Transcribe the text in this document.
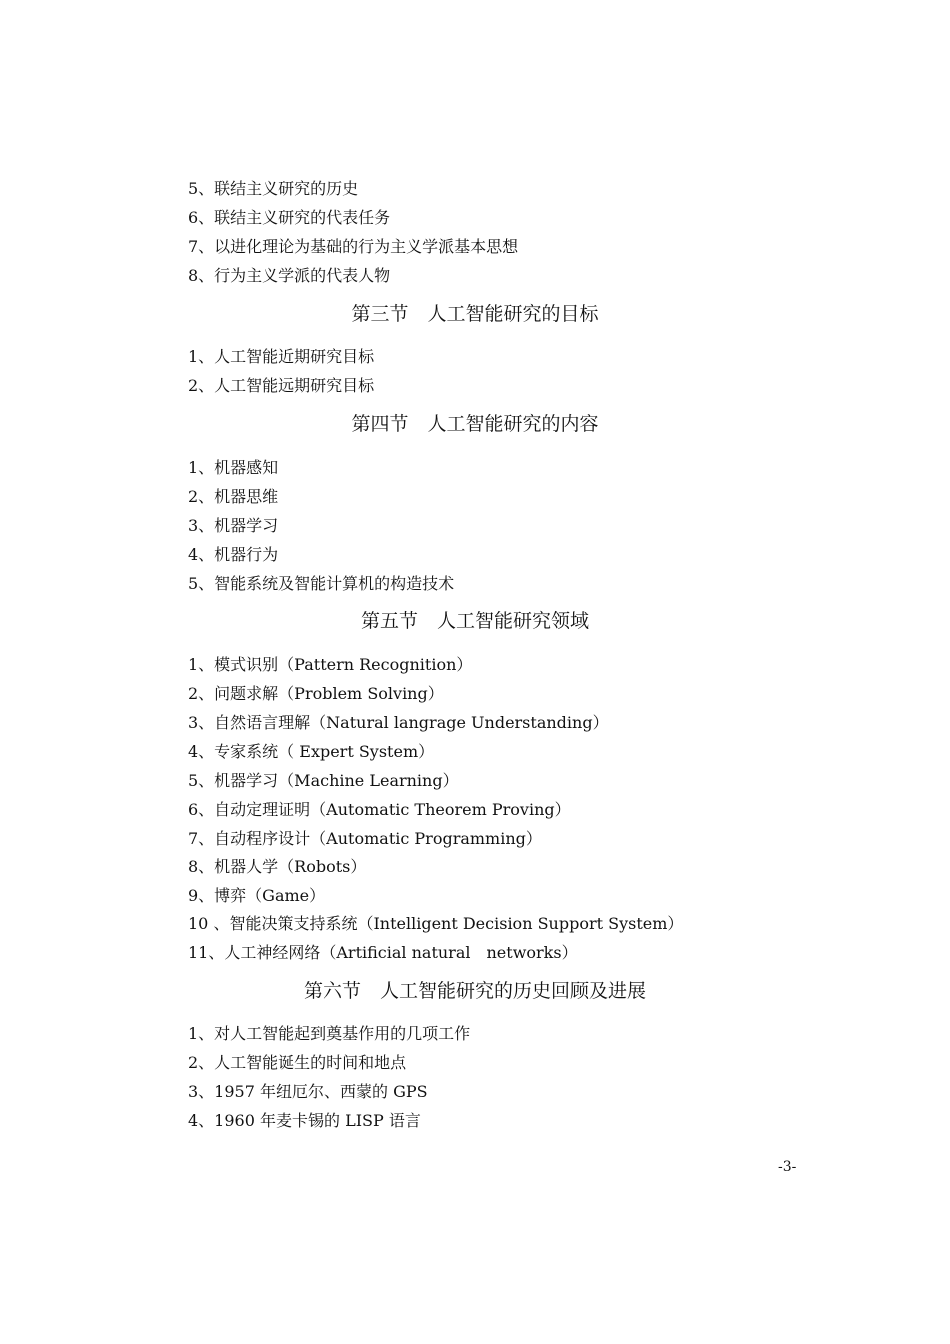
5、联结主义研究的历史
6、联结主义研究的代表任务
7、以进化理论为基础的行为主义学派基本思想
8、行为主义学派的代表人物
第三节　人工智能研究的目标
1、人工智能近期研究目标
2、人工智能远期研究目标
第四节　人工智能研究的内容
1、机器感知
2、机器思维
3、机器学习
4、机器行为
5、智能系统及智能计算机的构造技术
第五节　人工智能研究领域
1、模式识别（Pattern Recognition）
2、问题求解（Problem Solving）
3、自然语言理解（Natural langrage Understanding）
4、专家系统（ Expert System）
5、机器学习（Machine Learning）
6、自动定理证明（Automatic Theorem Proving）
7、自动程序设计（Automatic Programming）
8、机器人学（Robots）
9、博弈（Game）
10 、智能决策支持系统（Intelligent Decision Support System）
11、人工神经网络（Artificial natural　networks）
第六节　人工智能研究的历史回顾及进展
1、对人工智能起到奠基作用的几项工作
2、人工智能诞生的时间和地点
3、1957 年纽厄尔、西蒙的 GPS
4、1960 年麦卡锡的 LISP 语言
-3-
